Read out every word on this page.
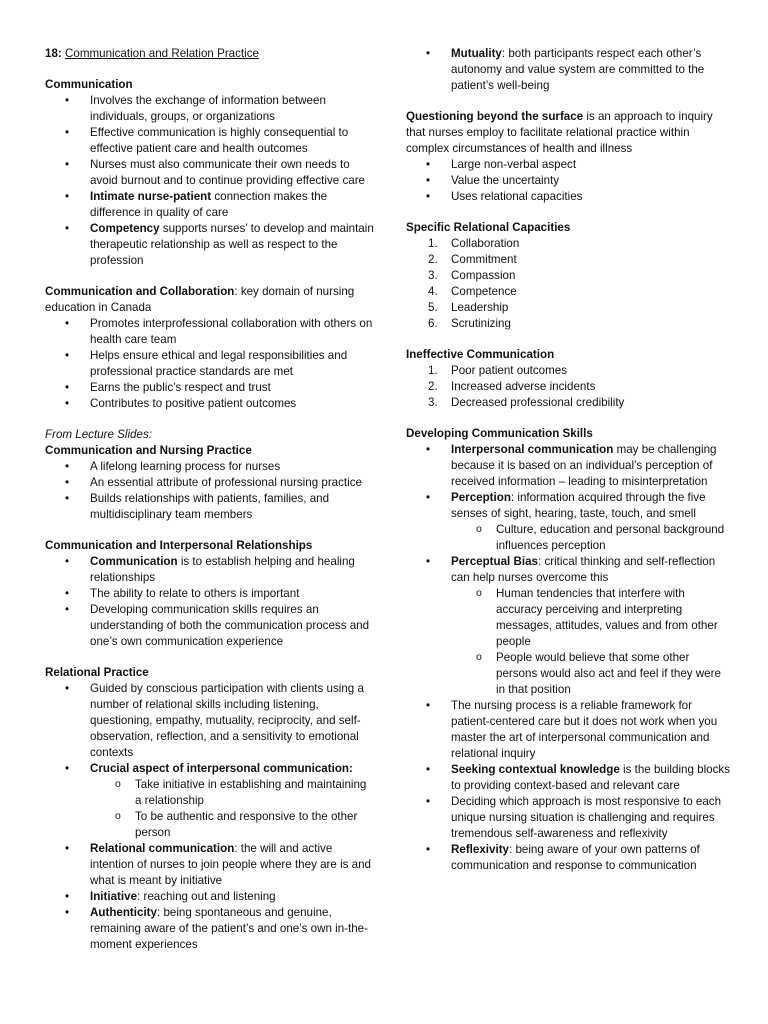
18: Communication and Relation Practice
Communication
• Involves the exchange of information between individuals, groups, or organizations
• Effective communication is highly consequential to effective patient care and health outcomes
• Nurses must also communicate their own needs to avoid burnout and to continue providing effective care
• Intimate nurse-patient connection makes the difference in quality of care
• Competency supports nurses’ to develop and maintain therapeutic relationship as well as respect to the profession
Communication and Collaboration: key domain of nursing education in Canada
• Promotes interprofessional collaboration with others on health care team
• Helps ensure ethical and legal responsibilities and professional practice standards are met
• Earns the public’s respect and trust
• Contributes to positive patient outcomes
From Lecture Slides:
Communication and Nursing Practice
• A lifelong learning process for nurses
• An essential attribute of professional nursing practice
• Builds relationships with patients, families, and multidisciplinary team members
Communication and Interpersonal Relationships
• Communication is to establish helping and healing relationships
• The ability to relate to others is important
• Developing communication skills requires an understanding of both the communication process and one’s own communication experience
Relational Practice
• Guided by conscious participation with clients using a number of relational skills including listening, questioning, empathy, mutuality, reciprocity, and self-observation, reflection, and a sensitivity to emotional contexts
• Crucial aspect of interpersonal communication:
o Take initiative in establishing and maintaining a relationship
o To be authentic and responsive to the other person
• Relational communication: the will and active intention of nurses to join people where they are is and what is meant by initiative
• Initiative: reaching out and listening
• Authenticity: being spontaneous and genuine, remaining aware of the patient’s and one’s own in-the-moment experiences
• Mutuality: both participants respect each other’s autonomy and value system are committed to the patient’s well-being
Questioning beyond the surface is an approach to inquiry that nurses employ to facilitate relational practice within complex circumstances of health and illness
• Large non-verbal aspect
• Value the uncertainty
• Uses relational capacities
Specific Relational Capacities
1. Collaboration
2. Commitment
3. Compassion
4. Competence
5. Leadership
6. Scrutinizing
Ineffective Communication
1. Poor patient outcomes
2. Increased adverse incidents
3. Decreased professional credibility
Developing Communication Skills
• Interpersonal communication may be challenging because it is based on an individual’s perception of received information – leading to misinterpretation
• Perception: information acquired through the five senses of sight, hearing, taste, touch, and smell
o Culture, education and personal background influences perception
• Perceptual Bias: critical thinking and self-reflection can help nurses overcome this
o Human tendencies that interfere with accuracy perceiving and interpreting messages, attitudes, values and from other people
o People would believe that some other persons would also act and feel if they were in that position
• The nursing process is a reliable framework for patient-centered care but it does not work when you master the art of interpersonal communication and relational inquiry
• Seeking contextual knowledge is the building blocks to providing context-based and relevant care
• Deciding which approach is most responsive to each unique nursing situation is challenging and requires tremendous self-awareness and reflexivity
• Reflexivity: being aware of your own patterns of communication and response to communication
